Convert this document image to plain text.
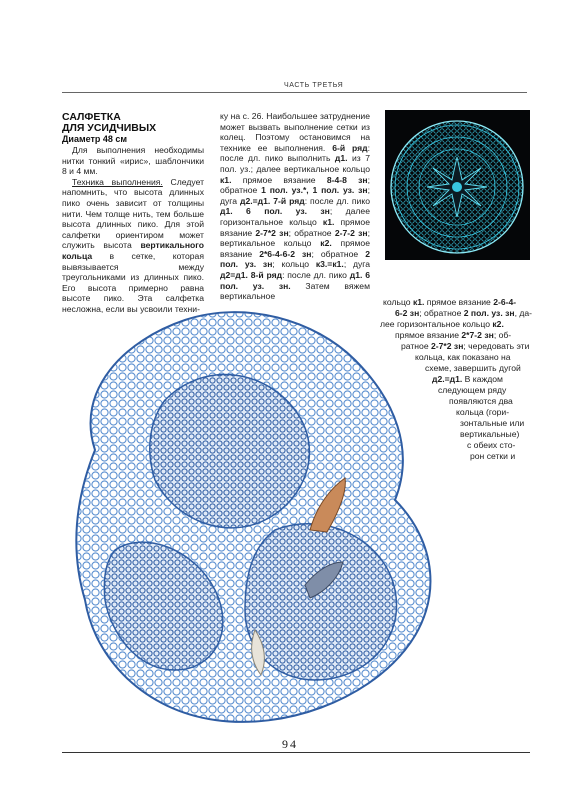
ЧАСТЬ ТРЕТЬЯ
САЛФЕТКА
ДЛЯ УСИДЧИВЫХ
Диаметр 48 см

Для выполнения необходимы нитки тонкий «ирис», шаблончики 8 и 4 мм.

Техника выполнения. Следует напомнить, что высота длинных пико очень зависит от толщины нити. Чем толще нить, тем больше высота длинных пико. Для этой салфетки ориентиром может служить высота вертикального кольца в сетке, которая вывязывается между треугольниками из длинных пико. Его высота примерно равна высоте пико. Эта салфетка несложна, если вы усвоили техни-

ку на с. 26. Наибольшее затруднение может вызвать выполнение сетки из колец. Поэтому остановимся на технике ее выполнения. 6-й ряд: после дл. пико выполнить д1. из 7 пол. уз.; далее вертикальное кольцо к1. прямое вязание 8-4-8 зн; обратное 1 пол. уз.*, 1 пол. уз. зн; дуга д2.=д1. 7-й ряд: после дл. пико д1. 6 пол. уз. зн; далее горизонтальное кольцо к1. прямое вязание 2-7*2 зн; обратное 2-7-2 зн; вертикальное кольцо к2. прямое вязание 2*6-4-6-2 зн; обратное 2 пол. уз. зн; кольцо к3.=к1.; дуга д2=д1. 8-й ряд: после дл. пико д1. 6 пол. уз. зн. Затем вяжем вертикальное

кольцо к1. прямое вязание 2-6-4-
6-2 зн; обратное 2 пол. уз. зн, да-
лее горизонтальное кольцо к2.
прямое вязание 2*7-2 зн; об-
ратное 2-7*2 зн; чередовать эти
кольца, как показано на
схеме, завершить дугой
д2.=д1. В каждом
следующем ряду
появляются два
кольца (гори-
зонтальные или
вертикальные)
с обеих сто-
рон сетки и
94
